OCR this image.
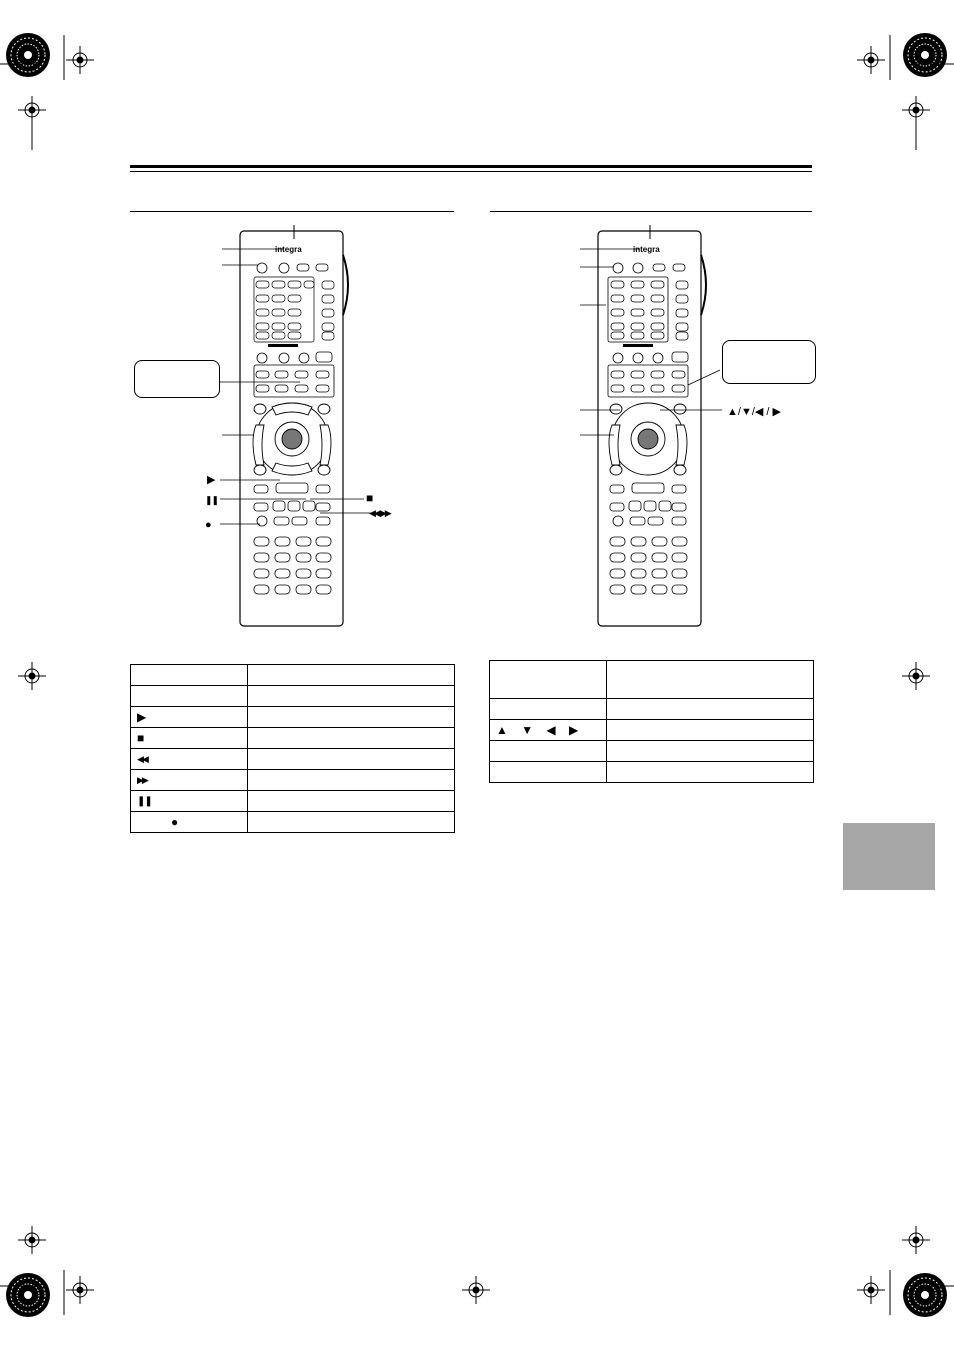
▶
❚❚	■
◀◀  ▶▶
●
integra
▲/▼/◀ / ▶
integra

▶	
■	
◀◀	
▶▶	
❚❚	
●	

▲ ▼ ◀ ▶	
